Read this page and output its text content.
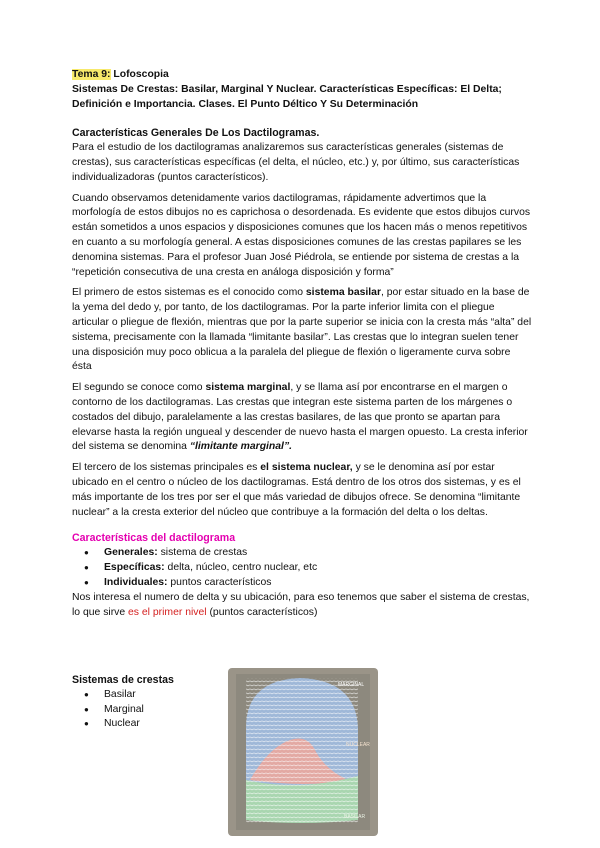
Tema 9: Lofoscopia
Sistemas De Crestas: Basilar, Marginal Y Nuclear. Características Específicas: El Delta; Definición e Importancia. Clases. El Punto Déltico Y Su Determinación
Características Generales De Los Dactilogramas.

Para el estudio de los dactilogramas analizaremos sus características generales (sistemas de crestas), sus características específicas (el delta, el núcleo, etc.) y, por último, sus características individualizadoras (puntos característicos).

Cuando observamos detenidamente varios dactilogramas, rápidamente advertimos que la morfología de estos dibujos no es caprichosa o desordenada. Es evidente que estos dibujos curvos están sometidos a unos espacios y disposiciones comunes que los hacen más o menos repetitivos en cuanto a su morfología general. A estas disposiciones comunes de las crestas papilares se les denomina sistemas. Para el profesor Juan José Piédrola, se entiende por sistema de crestas a la “repetición consecutiva de una cresta en análoga disposición y forma”

El primero de estos sistemas es el conocido como sistema basilar, por estar situado en la base de la yema del dedo y, por tanto, de los dactilogramas. Por la parte inferior limita con el pliegue articular o pliegue de flexión, mientras que por la parte superior se inicia con la cresta más “alta” del sistema, precisamente con la llamada “limitante basilar”. Las crestas que lo integran suelen tener una disposición muy poco oblicua a la paralela del pliegue de flexión o ligeramente curva sobre ésta

El segundo se conoce como sistema marginal, y se llama así por encontrarse en el margen o contorno de los dactilogramas. Las crestas que integran este sistema parten de los márgenes o costados del dibujo, paralelamente a las crestas basilares, de las que pronto se apartan para elevarse hasta la región ungueal y descender de nuevo hasta el margen opuesto. La cresta inferior del sistema se denomina “limitante marginal”.

El tercero de los sistemas principales es el sistema nuclear, y se le denomina así por estar ubicado en el centro o núcleo de los dactilogramas. Está dentro de los otros dos sistemas, y es el más importante de los tres por ser el que más variedad de dibujos ofrece. Se denomina “limitante nuclear” a la cresta exterior del núcleo que contribuye a la formación del delta o los deltas.

Características del dactilograma
● Generales: sistema de crestas
● Específicas: delta, núcleo, centro nuclear, etc
● Individuales: puntos característicos

Nos interesa el numero de delta y su ubicación, para eso tenemos que saber el sistema de crestas, lo que sirve es el primer nivel (puntos característicos)

Sistemas de crestas
● Basilar
● Marginal
● Nuclear
MARGINAL
NUCLEAR
BASILAR
